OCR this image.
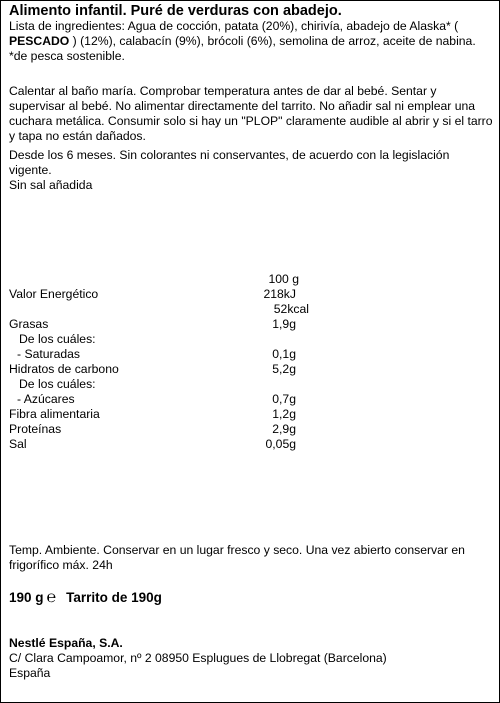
Alimento infantil. Puré de verduras con abadejo.
Lista de ingredientes: Agua de cocción, patata (20%), chirivía, abadejo de Alaska* ( PESCADO ) (12%), calabacín (9%), brócoli (6%), semolina de arroz, aceite de nabina. *de pesca sostenible.
Calentar al baño maría. Comprobar temperatura antes de dar al bebé. Sentar y supervisar al bebé. No alimentar directamente del tarrito. No añadir sal ni emplear una cuchara metálica. Consumir solo si hay un "PLOP" claramente audible al abrir y si el tarro y tapa no están dañados.
Desde los 6 meses. Sin colorantes ni conservantes, de acuerdo con la legislación vigente.
Sin sal añadida
100 g
Valor Energético	218kJ
52kcal
Grasas	1,9g
De los cuáles:
- Saturadas	0,1g
Hidratos de carbono	5,2g
De los cuáles:
- Azúcares	0,7g
Fibra alimentaria	1,2g
Proteínas	2,9g
Sal	0,05g
Temp. Ambiente. Conservar en un lugar fresco y seco. Una vez abierto conservar en frigorífico máx. 24h
190 g ℮ Tarrito de 190g
Nestlé España, S.A.
C/ Clara Campoamor, nº 2 08950 Esplugues de Llobregat (Barcelona)
España
